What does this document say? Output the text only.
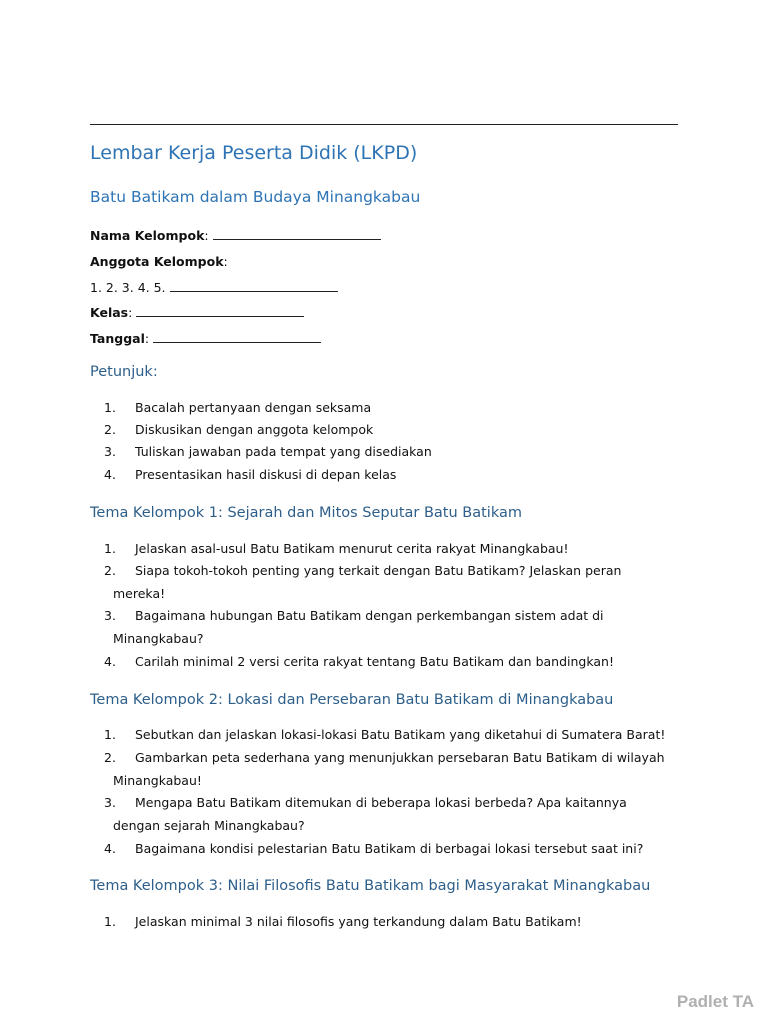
Lembar Kerja Peserta Didik (LKPD)
Batu Batikam dalam Budaya Minangkabau
Nama Kelompok:
Anggota Kelompok:
1. 2. 3. 4. 5.
Kelas:
Tanggal:
Petunjuk:
1.	Bacalah pertanyaan dengan seksama
2.	Diskusikan dengan anggota kelompok
3.	Tuliskan jawaban pada tempat yang disediakan
4.	Presentasikan hasil diskusi di depan kelas
Tema Kelompok 1: Sejarah dan Mitos Seputar Batu Batikam
1.	Jelaskan asal-usul Batu Batikam menurut cerita rakyat Minangkabau!
2.	Siapa tokoh-tokoh penting yang terkait dengan Batu Batikam? Jelaskan peran
mereka!
3.	Bagaimana hubungan Batu Batikam dengan perkembangan sistem adat di
Minangkabau?
4.	Carilah minimal 2 versi cerita rakyat tentang Batu Batikam dan bandingkan!
Tema Kelompok 2: Lokasi dan Persebaran Batu Batikam di Minangkabau
1.	Sebutkan dan jelaskan lokasi-lokasi Batu Batikam yang diketahui di Sumatera Barat!
2.	Gambarkan peta sederhana yang menunjukkan persebaran Batu Batikam di wilayah
Minangkabau!
3.	Mengapa Batu Batikam ditemukan di beberapa lokasi berbeda? Apa kaitannya
dengan sejarah Minangkabau?
4.	Bagaimana kondisi pelestarian Batu Batikam di berbagai lokasi tersebut saat ini?
Tema Kelompok 3: Nilai Filosofis Batu Batikam bagi Masyarakat Minangkabau
1.	Jelaskan minimal 3 nilai filosofis yang terkandung dalam Batu Batikam!
Padlet TA
